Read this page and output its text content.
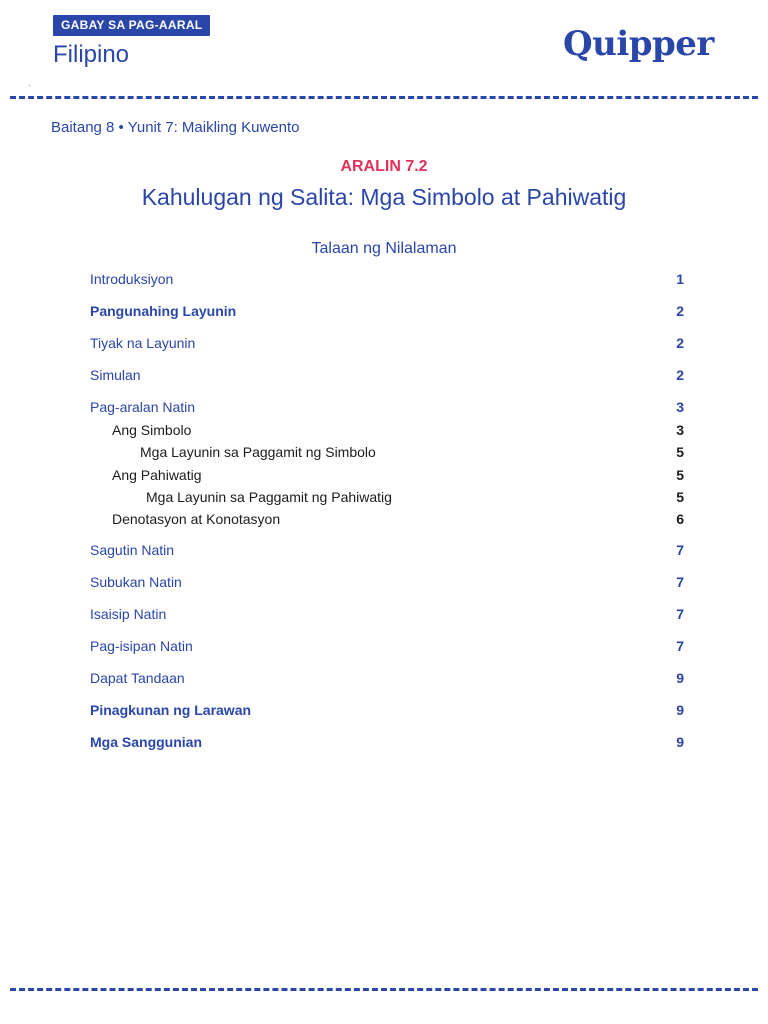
GABAY SA PAG-AARAL
Filipino	Quipper
Baitang 8 • Yunit 7: Maikling Kuwento
ARALIN 7.2
Kahulugan ng Salita: Mga Simbolo at Pahiwatig
Talaan ng Nilalaman
Introduksiyon	1
Pangunahing Layunin	2
Tiyak na Layunin	2
Simulan	2
Pag-aralan Natin	3
Ang Simbolo	3
Mga Layunin sa Paggamit ng Simbolo	5
Ang Pahiwatig	5
Mga Layunin sa Paggamit ng Pahiwatig	5
Denotasyon at Konotasyon	6
Sagutin Natin	7
Subukan Natin	7
Isaisip Natin	7
Pag-isipan Natin	7
Dapat Tandaan	9
Pinagkunan ng Larawan	9
Mga Sanggunian	9
